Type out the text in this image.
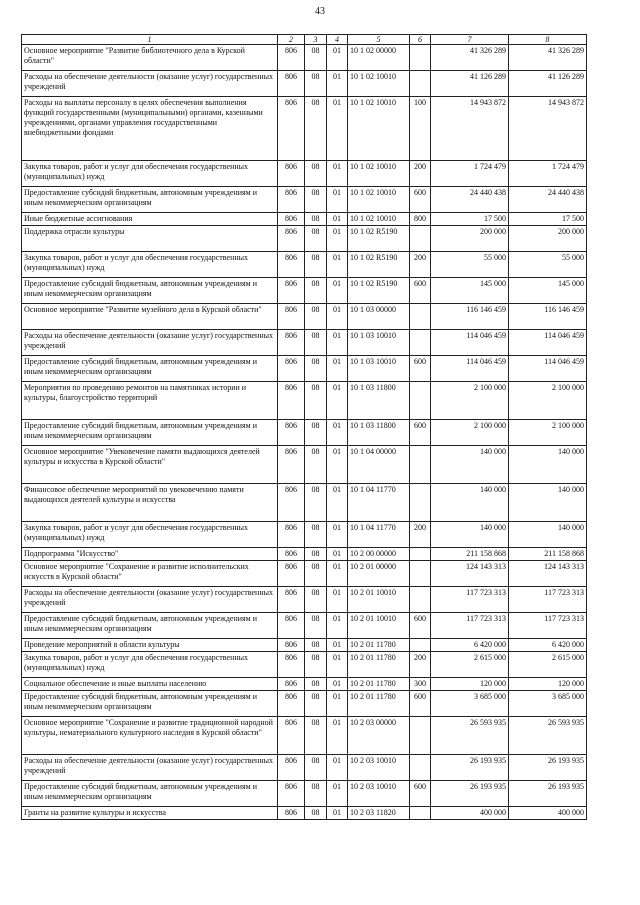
43
1	2	3	4	5	6	7	8
Основное мероприятие "Развитие библиотечного дела в Курской области"	806	08	01	10 1 02 00000		41 326 289	41 326 289
Расходы на обеспечение деятельности (оказание услуг) государственных учреждений	806	08	01	10 1 02 10010		41 126 289	41 126 289
Расходы на выплаты персоналу в целях обеспечения выполнения функций государственными (муниципальными) органами, казенными учреждениями, органами управления государственными внебюджетными фондами	806	08	01	10 1 02 10010	100	14 943 872	14 943 872
Закупка товаров, работ и услуг для обеспечения государственных (муниципальных) нужд	806	08	01	10 1 02 10010	200	1 724 479	1 724 479
Предоставление субсидий бюджетным, автономным учреждениям и иным некоммерческим организациям	806	08	01	10 1 02 10010	600	24 440 438	24 440 438
Иные бюджетные ассигнования	806	08	01	10 1 02 10010	800	17 500	17 500
Поддержка отрасли культуры	806	08	01	10 1 02 R5190		200 000	200 000
Закупка товаров, работ и услуг для обеспечения государственных (муниципальных) нужд	806	08	01	10 1 02 R5190	200	55 000	55 000
Предоставление субсидий бюджетным, автономным учреждениям и иным некоммерческим организациям	806	08	01	10 1 02 R5190	600	145 000	145 000
Основное мероприятие "Развитие музейного дела в Курской области"	806	08	01	10 1 03 00000		116 146 459	116 146 459
Расходы на обеспечение деятельности (оказание услуг) государственных учреждений	806	08	01	10 1 03 10010		114 046 459	114 046 459
Предоставление субсидий бюджетным, автономным учреждениям и иным некоммерческим организациям	806	08	01	10 1 03 10010	600	114 046 459	114 046 459
Мероприятия по проведению ремонтов на памятниках истории и культуры, благоустройство территорий	806	08	01	10 1 03 11800		2 100 000	2 100 000
Предоставление субсидий бюджетным, автономным учреждениям и иным некоммерческим организациям	806	08	01	10 1 03 11800	600	2 100 000	2 100 000
Основное мероприятие "Увековечение памяти выдающихся деятелей культуры и искусства в Курской области"	806	08	01	10 1 04 00000		140 000	140 000
Финансовое обеспечение мероприятий по увековечению памяти выдающихся деятелей культуры и искусства	806	08	01	10 1 04 11770		140 000	140 000
Закупка товаров, работ и услуг для обеспечения государственных (муниципальных) нужд	806	08	01	10 1 04 11770	200	140 000	140 000
Подпрограмма "Искусство"	806	08	01	10 2 00 00000		211 158 868	211 158 868
Основное мероприятие "Сохранение и развитие исполнительских искусств в Курской области"	806	08	01	10 2 01 00000		124 143 313	124 143 313
Расходы на обеспечение деятельности (оказание услуг) государственных учреждений	806	08	01	10 2 01 10010		117 723 313	117 723 313
Предоставление субсидий бюджетным, автономным учреждениям и иным некоммерческим организациям	806	08	01	10 2 01 10010	600	117 723 313	117 723 313
Проведение мероприятий в области культуры	806	08	01	10 2 01 11780		6 420 000	6 420 000
Закупка товаров, работ и услуг для обеспечения государственных (муниципальных) нужд	806	08	01	10 2 01 11780	200	2 615 000	2 615 000
Социальное обеспечение и иные выплаты населению	806	08	01	10 2 01 11780	300	120 000	120 000
Предоставление субсидий бюджетным, автономным учреждениям и иным некоммерческим организациям	806	08	01	10 2 01 11780	600	3 685 000	3 685 000
Основное мероприятие "Сохранение и развитие традиционной народной культуры, нематериального культурного наследия в Курской области"	806	08	01	10 2 03 00000		26 593 935	26 593 935
Расходы на обеспечение деятельности (оказание услуг) государственных учреждений	806	08	01	10 2 03 10010		26 193 935	26 193 935
Предоставление субсидий бюджетным, автономным учреждениям и иным некоммерческим организациям	806	08	01	10 2 03 10010	600	26 193 935	26 193 935
Гранты на развитие культуры и искусства	806	08	01	10 2 03 11820		400 000	400 000
